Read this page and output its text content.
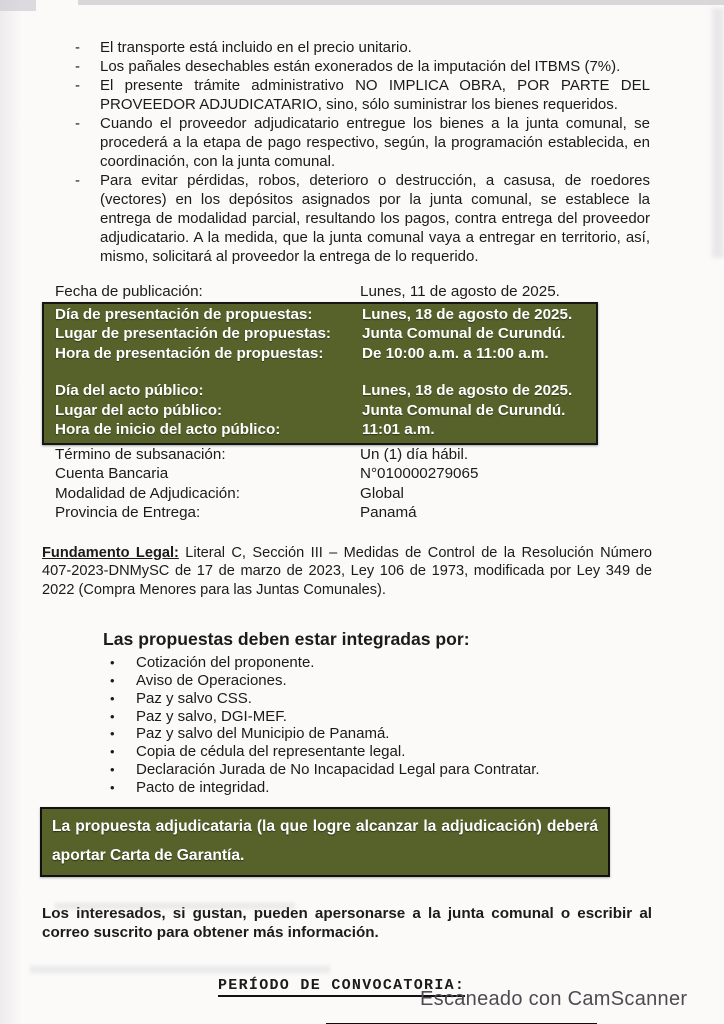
-	El transporte está incluido en el precio unitario.
-	Los pañales desechables están exonerados de la imputación del ITBMS (7%).
-	El presente trámite administrativo NO IMPLICA OBRA, POR PARTE DEL PROVEEDOR ADJUDICATARIO, sino, sólo suministrar los bienes requeridos.
-	Cuando el proveedor adjudicatario entregue los bienes a la junta comunal, se procederá a la etapa de pago respectivo, según, la programación establecida, en coordinación, con la junta comunal.
-	Para evitar pérdidas, robos, deterioro o destrucción, a casusa, de roedores (vectores) en los depósitos asignados por la junta comunal, se establece la entrega de modalidad parcial, resultando los pagos, contra entrega del proveedor adjudicatario. A la medida, que la junta comunal vaya a entregar en territorio, así, mismo, solicitará al proveedor la entrega de lo requerido.
Fecha de publicación:	Lunes, 11 de agosto de 2025.
Día de presentación de propuestas:	Lunes, 18 de agosto de 2025.
Lugar de presentación de propuestas:	Junta Comunal de Curundú.
Hora de presentación de propuestas:	De 10:00 a.m. a 11:00 a.m.
Día del acto público:	Lunes, 18 de agosto de 2025.
Lugar del acto público:	Junta Comunal de Curundú.
Hora de inicio del acto público:	11:01 a.m.
Término de subsanación:	Un (1) día hábil.
Cuenta Bancaria	N°010000279065
Modalidad de Adjudicación:	Global
Provincia de Entrega:	Panamá

Fundamento Legal: Literal C, Sección III – Medidas de Control de la Resolución Número 407-2023-DNMySC de 17 de marzo de 2023, Ley 106 de 1973, modificada por Ley 349 de 2022 (Compra Menores para las Juntas Comunales).

Las propuestas deben estar integradas por:
•	Cotización del proponente.
•	Aviso de Operaciones.
•	Paz y salvo CSS.
•	Paz y salvo, DGI-MEF.
•	Paz y salvo del Municipio de Panamá.
•	Copia de cédula del representante legal.
•	Declaración Jurada de No Incapacidad Legal para Contratar.
•	Pacto de integridad.
La propuesta adjudicataria (la que logre alcanzar la adjudicación) deberá aportar Carta de Garantía.

Los interesados, si gustan, pueden apersonarse a la junta comunal o escribir al correo suscrito para obtener más información.

PERÍODO DE CONVOCATORIA:
Escaneado con CamScanner
